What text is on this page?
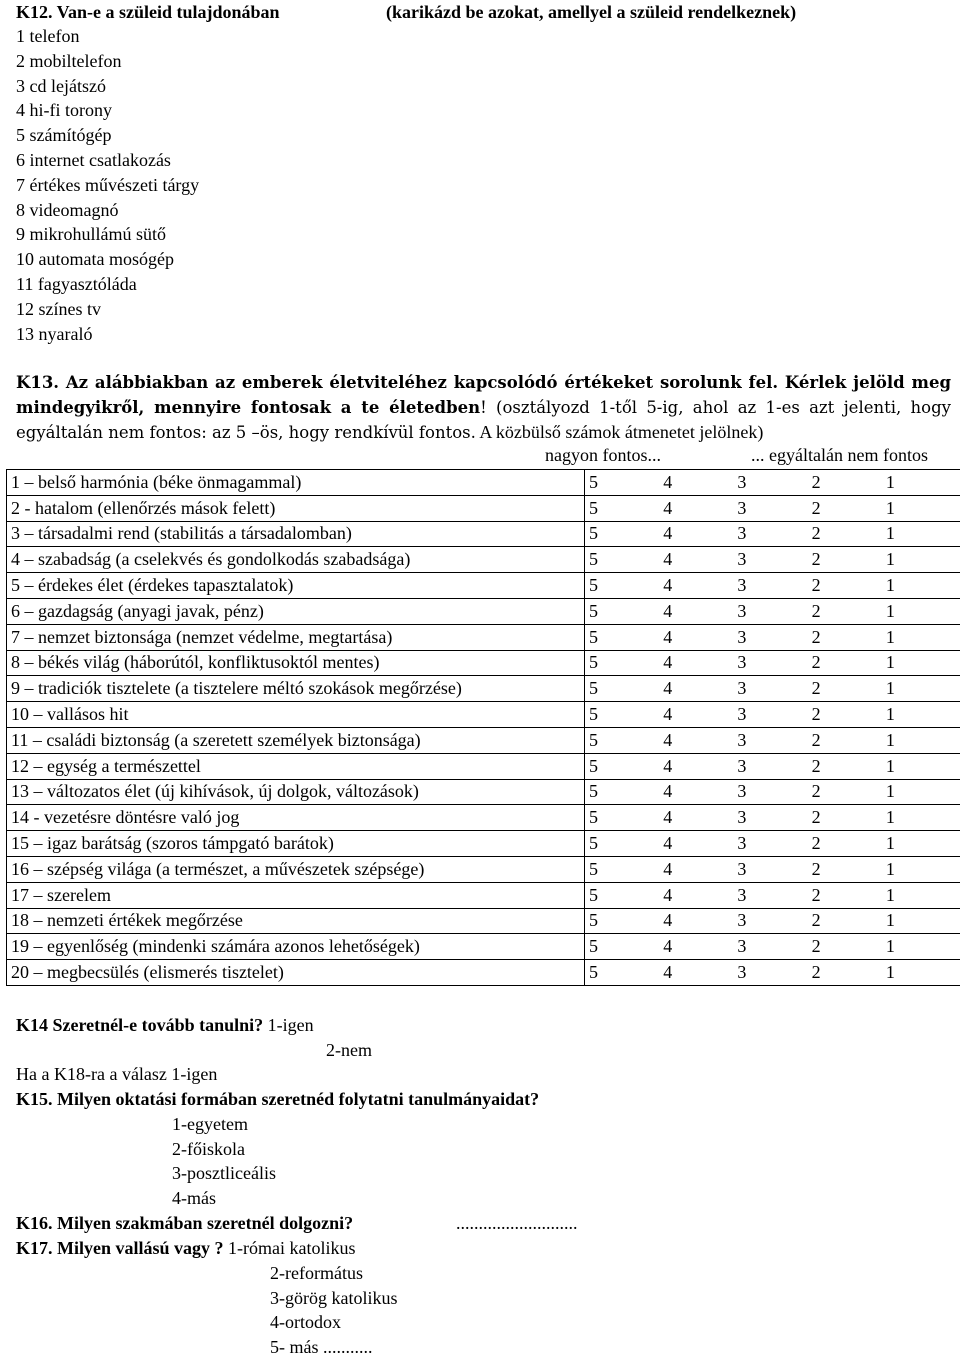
K12. Van-e a szüleid tulajdonában	(karikázd be azokat, amellyel a szüleid rendelkeznek)
1 telefon
2 mobiltelefon
3 cd lejátszó
4 hi-fi torony
5 számítógép
6 internet csatlakozás
7 értékes művészeti tárgy
8 videomagnó
9 mikrohullámú sütő
10 automata mosógép
11 fagyasztóláda
12 színes tv
13 nyaraló
K13. Az alábbiakban az emberek életviteléhez kapcsolódó értékeket sorolunk fel. Kérlek jelöld meg mindegyikről, mennyire fontosak a te életedben! (osztályozd 1-től 5-ig, ahol az 1-es azt jelenti, hogy egyáltalán nem fontos: az 5 –ös, hogy rendkívül fontos. A közbülső számok átmenetet jelölnek)
nagyon fontos...	... egyáltalán nem fontos
1 – belső harmónia (béke önmagammal)	5 4 3 2 1

2 - hatalom (ellenőrzés mások felett)	5 4 3 2 1

3 – társadalmi rend (stabilitás a társadalomban)	5 4 3 2 1

4 – szabadság (a cselekvés és gondolkodás szabadsága)	5 4 3 2 1

5 – érdekes élet (érdekes tapasztalatok)	5 4 3 2 1

6 – gazdagság (anyagi javak, pénz)	5 4 3 2 1

7 – nemzet biztonsága (nemzet védelme, megtartása)	5 4 3 2 1

8 – békés világ (háborútól, konfliktusoktól mentes)	5 4 3 2 1

9 – tradiciók tisztelete (a tisztelere méltó szokások megőrzése)	5 4 3 2 1

10 – vallásos hit	5 4 3 2 1

11 – családi biztonság (a szeretett személyek biztonsága)	5 4 3 2 1

12 – egység a természettel	5 4 3 2 1

13 – változatos élet (új kihívások, új dolgok, változások)	5 4 3 2 1

14 - vezetésre döntésre való jog	5 4 3 2 1

15 – igaz barátság (szoros támpgató barátok)	5 4 3 2 1

16 – szépség világa (a természet, a művészetek szépsége)	5 4 3 2 1

17 – szerelem	5 4 3 2 1

18 – nemzeti értékek megőrzése	5 4 3 2 1

19 – egyenlőség (mindenki számára azonos lehetőségek)	5 4 3 2 1

20 – megbecsülés (elismerés tisztelet)	5 4 3 2 1
K14 Szeretnél-e tovább tanulni? 1-igen
2-nem
Ha a K18-ra a válasz 1-igen
K15. Milyen oktatási formában szeretnéd folytatni tanulmányaidat?
1-egyetem
2-főiskola
3-posztliceális
4-más
K16. Milyen szakmában szeretnél dolgozni?	...........................
K17. Milyen vallású vagy ? 1-római katolikus
2-református
3-görög katolikus
4-ortodox
5- más ...........
